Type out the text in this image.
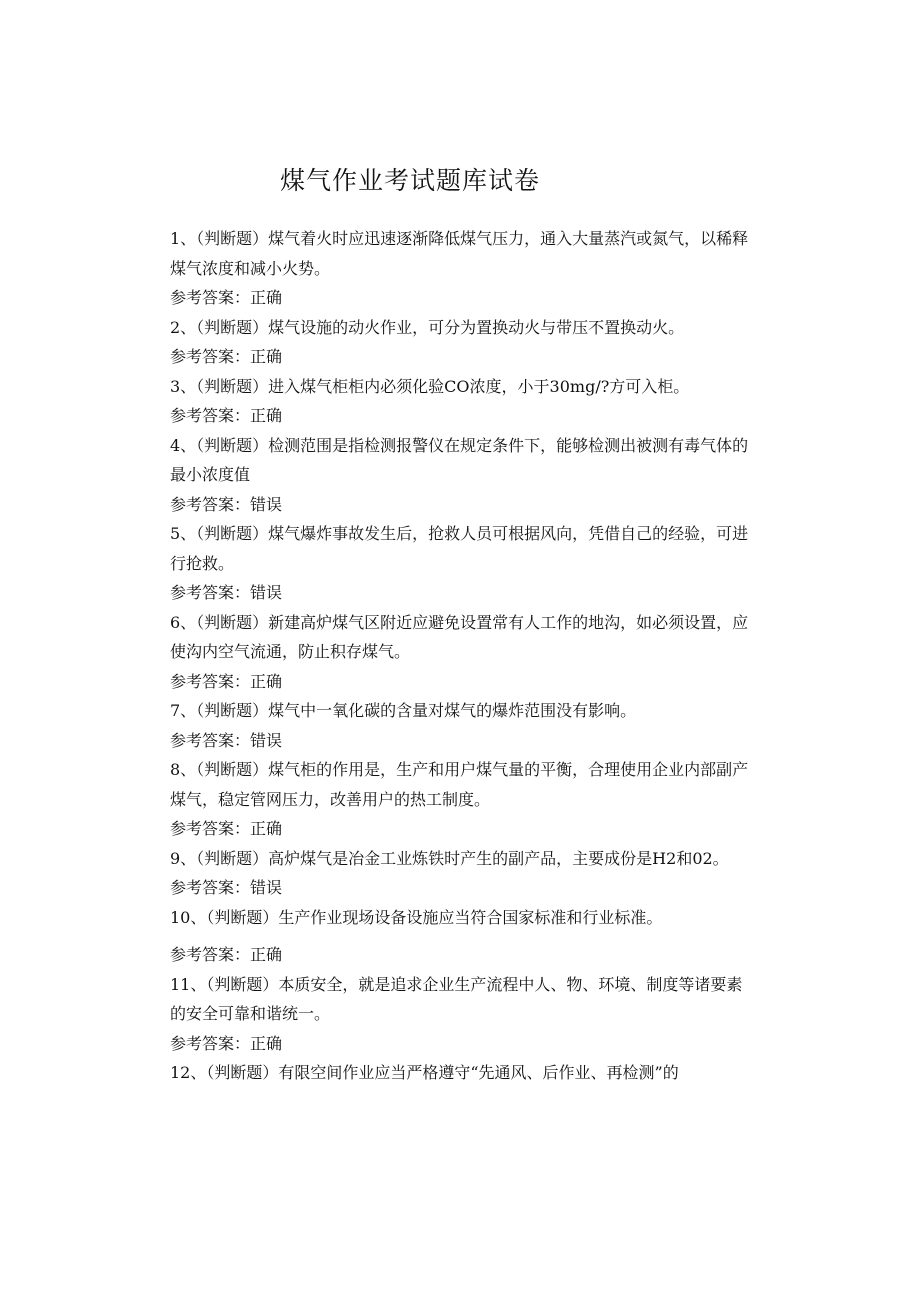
煤气作业考试题库试卷

1、（判断题）煤气着火时应迅速逐渐降低煤气压力，通入大量蒸汽或氮气，以稀释煤气浓度和减小火势。

参考答案：正确

2、（判断题）煤气设施的动火作业，可分为置换动火与带压不置换动火。

参考答案：正确

3、（判断题）进入煤气柜柜内必须化验CO浓度，小于30mg/?方可入柜。

参考答案：正确

4、（判断题）检测范围是指检测报警仪在规定条件下，能够检测出被测有毒气体的最小浓度值

参考答案：错误

5、（判断题）煤气爆炸事故发生后，抢救人员可根据风向，凭借自己的经验，可进行抢救。

参考答案：错误

6、（判断题）新建高炉煤气区附近应避免设置常有人工作的地沟，如必须设置，应使沟内空气流通，防止积存煤气。

参考答案：正确

7、（判断题）煤气中一氧化碳的含量对煤气的爆炸范围没有影响。

参考答案：错误

8、（判断题）煤气柜的作用是，生产和用户煤气量的平衡，合理使用企业内部副产煤气，稳定管网压力，改善用户的热工制度。

参考答案：正确

9、（判断题）高炉煤气是冶金工业炼铁时产生的副产品，主要成份是H2和02。

参考答案：错误

10、（判断题）生产作业现场设备设施应当符合国家标准和行业标准。

参考答案：正确

11、（判断题）本质安全，就是追求企业生产流程中人、物、环境、制度等诸要素的安全可靠和谐统一。

参考答案：正确

12、（判断题）有限空间作业应当严格遵守“先通风、后作业、再检测”的
